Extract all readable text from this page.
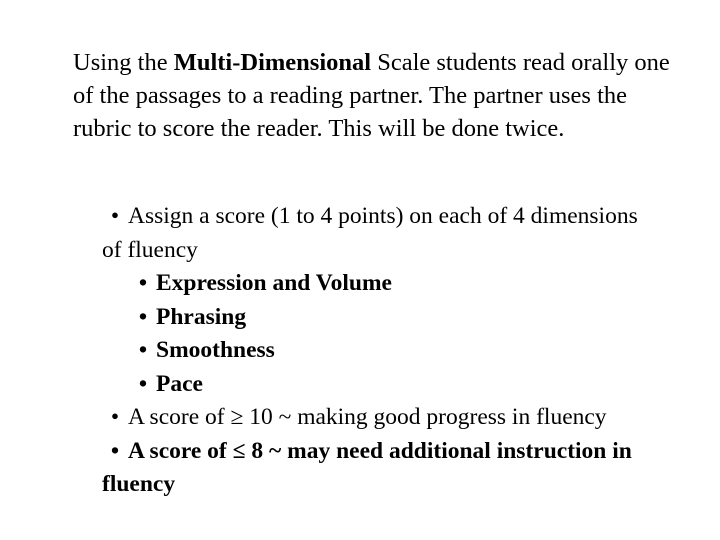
Using the Multi-Dimensional Scale students read orally one of the passages to a reading partner. The partner uses the rubric to score the reader. This will be done twice.

• Assign a score (1 to 4 points) on each of 4 dimensions of fluency
• Expression and Volume
• Phrasing
• Smoothness
• Pace
• A score of ≥ 10 ~ making good progress in fluency
• A score of ≤ 8 ~ may need additional instruction in fluency
